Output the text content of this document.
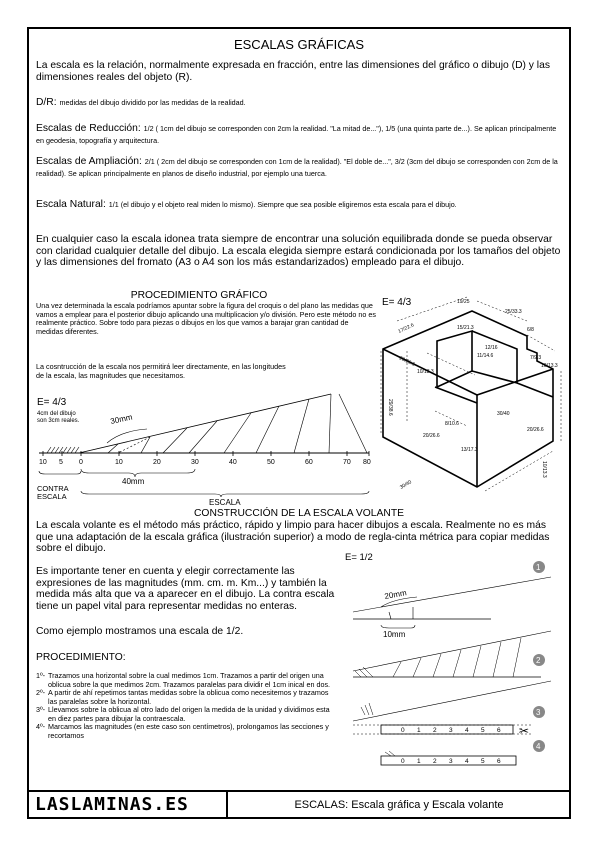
ESCALAS GRÁFICAS
La escala es la relación, normalmente expresada en fracción, entre las dimensiones del gráfico o dibujo (D) y las dimensiones reales del objeto (R).
D/R: medidas del dibujo dividido por las medidas de la realidad.
Escalas de Reducción: 1/2 ( 1cm del dibujo se corresponden con 2cm la realidad. "La mitad de..."), 1/5 (una quinta parte de...). Se aplican principalmente en geodesia, topografía y arquitectura.
Escalas de Ampliación: 2/1 ( 2cm del dibujo se corresponden con 1cm de la realidad). "El doble de...", 3/2 (3cm del dibujo se corresponden con 2cm de la realidad). Se aplican principalmente en planos de diseño industrial, por ejemplo una tuerca.
Escala Natural: 1/1 (el dibujo y el objeto real miden lo mismo). Siempre que sea posible eligiremos esta escala para el dibujo.
En cualquier caso la escala idonea trata siempre de encontrar una solución equilibrada donde se pueda observar con claridad cualquier detalle del dibujo. La escala elegida siempre estará condicionada por los tamaños del objeto y las dimensiones del fromato (A3 o A4 son los más estandarizados) empleado para el dibujo.
PROCEDIMIENTO GRÁFICO
Una vez determinada la escala podríamos apuntar sobre la figura del croquis o del plano las medidas que vamos a emplear para el posterior dibujo aplicando una multiplicacion y/o división. Pero este método no es realmente práctico. Sobre todo para piezas o dibujos en los que vamos a barajar gran cantidad de medidas diferentes.
La cosntrucción de la escala nos permitirá leer directamente, en las longitudes de la escala, las magnitudes que necesitamos.
E= 4/3
4cm del dibujo
son 3cm reales.
10 5 0	10	20	30	40	50	60	70 80
30mm
40mm
CONTRA
ESCALA
ESCALA
E= 4/3	19/25
25/33.3
15/21.3	6/8
17/22.6
20/26.6
12/16
11/14.6
29/38.6
10/13.3
10/13.3
7/9.3
8/10.6
20/26.6
30/40
13/17.3
20/26.6
10/13.3
30/40
CONSTRUCCIÓN DE LA ESCALA VOLANTE
La escala volante es el método más práctico, rápido y limpio para hacer dibujos a escala. Realmente no es más que una adaptación de la escala gráfica (ilustración superior) a modo de regla-cinta métrica para copiar medidas sobre el dibujo.
Es importante tener en cuenta y elegir correctamente las expresiones de las magnitudes (mm. cm. m. Km...) y también la medida más alta que va a aparecer en el dibujo. La contra escala tiene un papel vital para representar medidas no enteras.
Como ejemplo mostramos una escala de 1/2.
PROCEDIMIENTO:
1º- Trazamos una horizontal sobre la cual medimos 1cm. Trazamos a partir del origen una oblicua sobre la que medimos 2cm. Trazamos paralelas para dividir el 1cm inical en dos.
2º- A partir de ahí repetimos tantas medidas sobre la oblicua como necesitemos y trazamos las paralelas sobre la horizontal.
3º- Llevamos sobre la oblicua al otro lado del origen la medida de la unidad y dividimos esta en diez partes para dibujar la contraescala.
4º- Marcamos las magnitudes (en este caso son centímetros), prolongamos las secciones y recortamos
E= 1/2
20mm
10mm
1
2
0 1 2 3 4 5 6 ✂
3
0 1 2 3 4 5 6
4
LASLAMINAS.ES	ESCALAS: Escala gráfica y Escala volante
